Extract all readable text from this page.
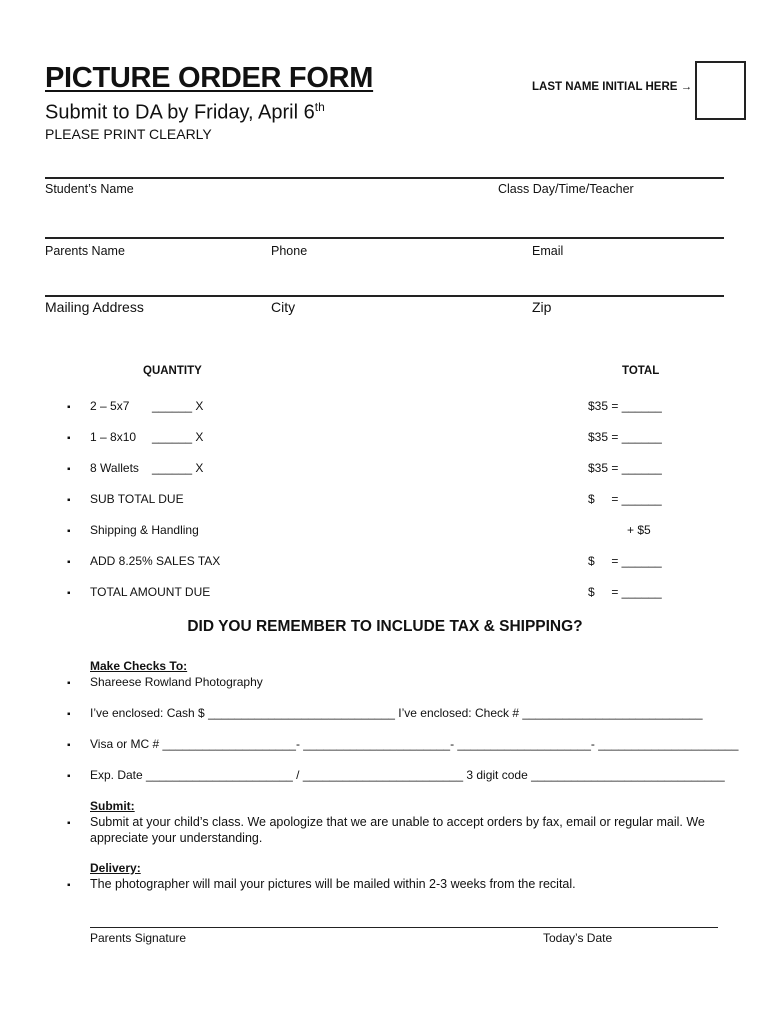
PICTURE ORDER FORM
Submit to DA by Friday, April 6th
PLEASE PRINT CLEARLY
LAST NAME INITIAL HERE →
Student’s Name	Class Day/Time/Teacher
Parents Name	Phone	Email
Mailing Address	City	Zip
QUANTITY	TOTAL
▪ 2 – 5x7 ______ X	$35 = ______
▪ 1 – 8x10 ______ X	$35 = ______
▪ 8 Wallets ______ X	$35 = ______
▪ SUB TOTAL DUE	$     = ______
▪ Shipping & Handling	+ $5
▪ ADD 8.25% SALES TAX	$     = ______
▪ TOTAL AMOUNT DUE	$     = ______
DID YOU REMEMBER TO INCLUDE TAX & SHIPPING?
Make Checks To:
▪ Shareese Rowland Photography
▪ I’ve enclosed: Cash $ ____________________________ I’ve enclosed: Check # ___________________________
▪ Visa or MC # ____________________- ______________________- ____________________- _____________________
▪ Exp. Date ______________________ / ________________________ 3 digit code _____________________________
Submit:
▪ Submit at your child’s class. We apologize that we are unable to accept orders by fax, email or regular mail. We appreciate your understanding.
Delivery:
▪ The photographer will mail your pictures will be mailed within 2-3 weeks from the recital.
Parents Signature	Today’s Date
